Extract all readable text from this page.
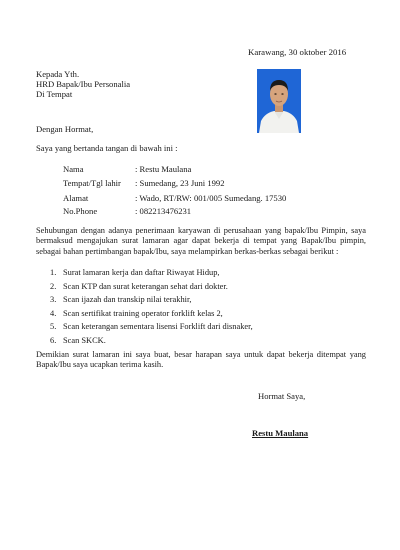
Karawang, 30 oktober 2016
Kepada Yth.
HRD Bapak/Ibu Personalia
Di Tempat
Dengan Hormat,
Saya yang bertanda tangan di bawah ini :
Nama	: Restu Maulana
Tempat/Tgl lahir : Sumedang, 23 Juni 1992
Alamat	: Wado, RT/RW: 001/005 Sumedang. 17530
No.Phone	: 082213476231
Sehubungan dengan adanya penerimaan karyawan di perusahaan yang bapak/Ibu Pimpin, saya bermaksud mengajukan surat lamaran agar dapat bekerja di tempat yang Bapak/Ibu pimpin, sebagai bahan pertimbangan bapak/Ibu, saya melampirkan berkas-berkas sebagai berikut :
1. Surat lamaran kerja dan daftar Riwayat Hidup,
2. Scan KTP dan surat keterangan sehat dari dokter.
3. Scan ijazah dan transkip nilai terakhir,
4. Scan sertifikat training operator forklift kelas 2,
5. Scan keterangan sementara lisensi Forklift dari disnaker,
6. Scan SKCK.
Demikian surat lamaran ini saya buat, besar harapan saya untuk dapat bekerja ditempat yang Bapak/Ibu saya ucapkan terima kasih.
Hormat Saya,
Restu Maulana
